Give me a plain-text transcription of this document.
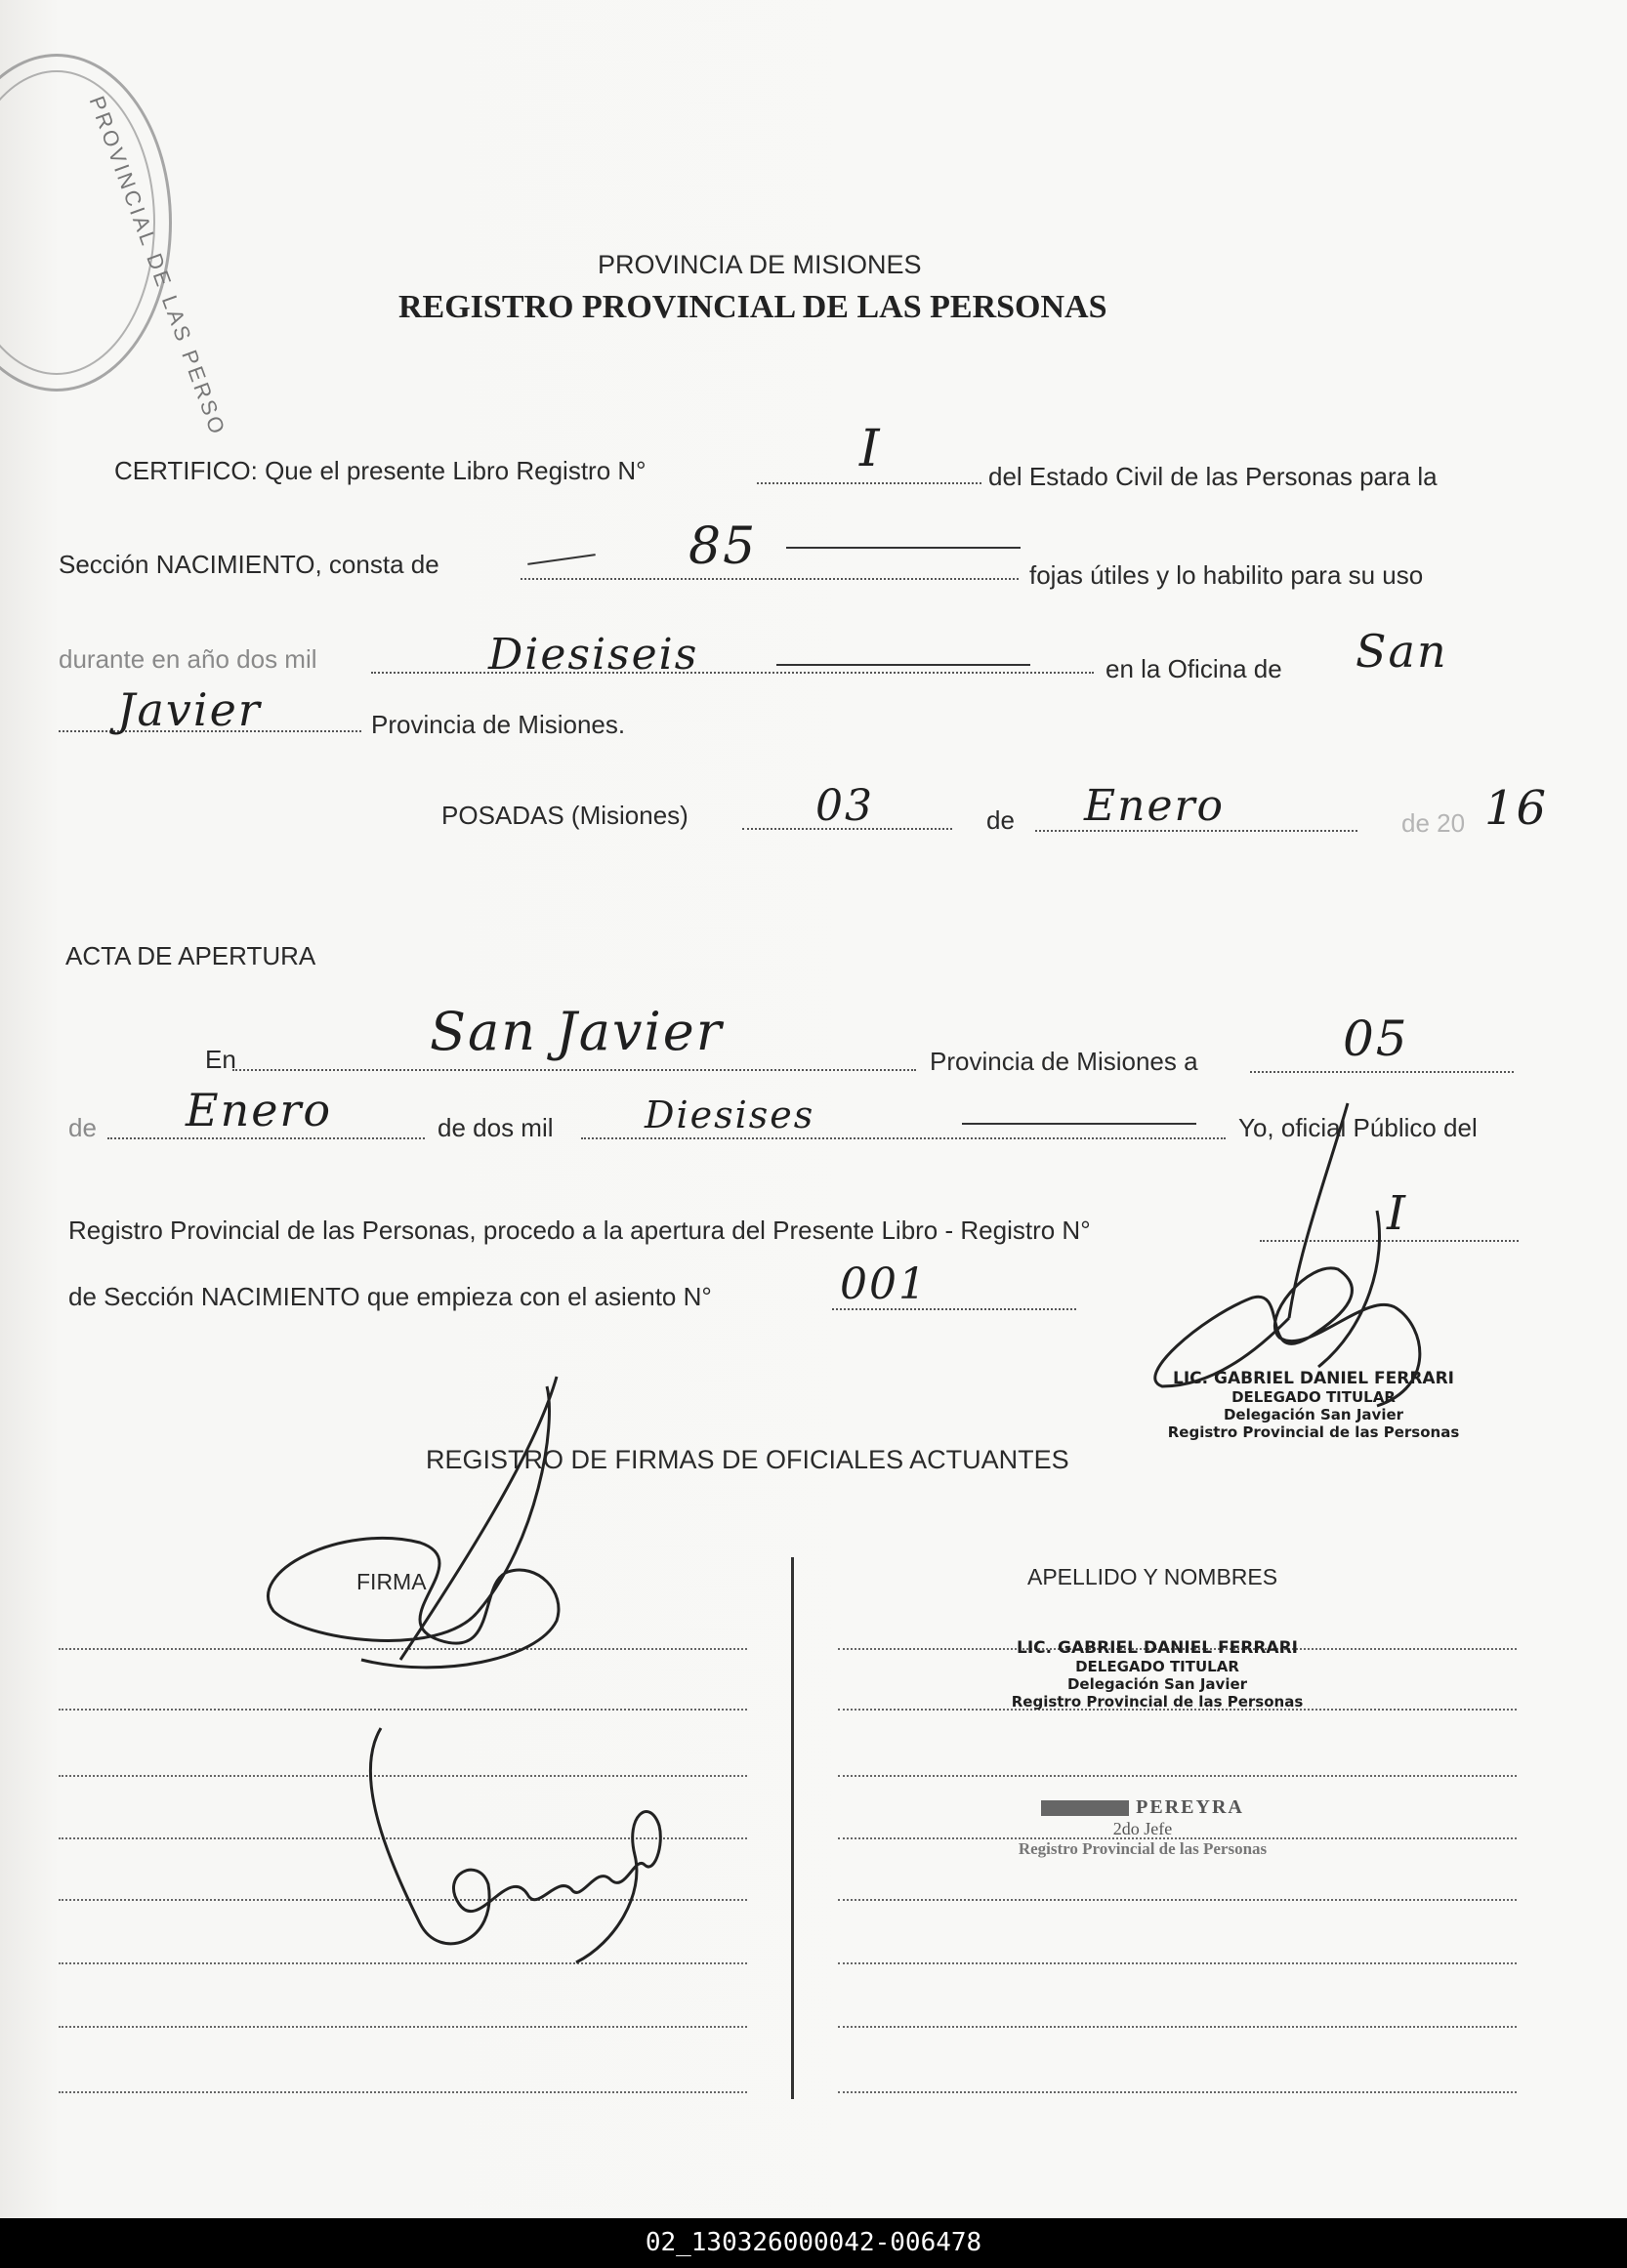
PROVINCIAL DE LAS PERSO	PROVINCIA DE MISIONES
REGISTRO PROVINCIAL DE LAS PERSONAS
CERTIFICO: Que el presente Libro Registro N°	I	del Estado Civil de las Personas para la
Sección NACIMIENTO, consta de	85	fojas útiles y lo habilito para su uso
durante en año dos mil	Diesiseis	en la Oficina de San
Javier	Provincia de Misiones.
POSADAS (Misiones)	03	de Enero	de 20 16
ACTA DE APERTURA
En	San Javier	Provincia de Misiones a	05
de Enero	de dos mil Diesises	Yo, oficial Público del
Registro Provincial de las Personas, procedo a la apertura del Presente Libro - Registro N°	I
de Sección NACIMIENTO que empieza con el asiento N°	001
LIC. GABRIEL DANIEL FERRARI
DELEGADO TITULAR
Delegación San Javier
Registro Provincial de las Personas
REGISTRO DE FIRMAS DE OFICIALES ACTUANTES
FIRMA	APELLIDO Y NOMBRES
LIC. GABRIEL DANIEL FERRARI
DELEGADO TITULAR
Delegación San Javier
Registro Provincial de las Personas
PEREYRA
2do Jefe
Registro Provincial de las Personas
02_130326000042-006478
